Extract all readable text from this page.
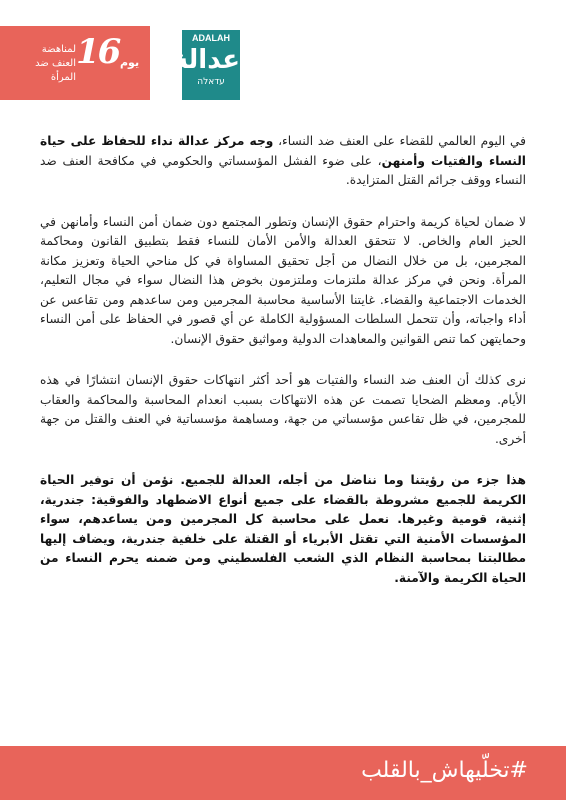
16 يوم
لمناهضة
العنف ضد
المرأة
ADALAH
عدالة
עדאלה

في اليوم العالمي للقضاء على العنف ضد النساء، وجه مركز عدالة نداء للحفاظ على حياة النساء والفتيات وأمنهن، على ضوء الفشل المؤسساتي والحكومي في مكافحة العنف ضد النساء ووقف جرائم القتل المتزايدة.

لا ضمان لحياة كريمة واحترام حقوق الإنسان وتطور المجتمع دون ضمان أمن النساء وأمانهن في الحيز العام والخاص. لا تتحقق العدالة والأمن الأمان للنساء فقط بتطبيق القانون ومحاكمة المجرمين، بل من خلال النضال من أجل تحقيق المساواة في كل مناحي الحياة وتعزيز مكانة المرأة. ونحن في مركز عدالة ملتزمات وملتزمون بخوض هذا النضال سواء في مجال التعليم، الخدمات الاجتماعية والقضاء. غايتنا الأساسية محاسبة المجرمين ومن ساعدهم ومن تقاعس عن أداء واجباته، وأن تتحمل السلطات المسؤولية الكاملة عن أي قصور في الحفاظ على أمن النساء وحمايتهن كما تنص القوانين والمعاهدات الدولية ومواثيق حقوق الإنسان.

نرى كذلك أن العنف ضد النساء والفتيات هو أحد أكثر انتهاكات حقوق الإنسان انتشارًا في هذه الأيام. ومعظم الضحايا تصمت عن هذه الانتهاكات بسبب انعدام المحاسبة والمحاكمة والعقاب للمجرمين، في ظل تقاعس مؤسساتي من جهة، ومساهمة مؤسساتية في العنف والقتل من جهة أخرى.

هذا جزء من رؤيتنا وما نناضل من أجله، العدالة للجميع. نؤمن أن توفير الحياة الكريمة للجميع مشروطة بالقضاء على جميع أنواع الاضطهاد والفوقية: جندرية، إثنية، قومية وغيرها. نعمل على محاسبة كل المجرمين ومن يساعدهم، سواء المؤسسات الأمنية التي تقتل الأبرياء أو القتلة على خلفية جندرية، ويضاف إليها مطالبتنا بمحاسبة النظام الذي الشعب الفلسطيني ومن ضمنه يحرم النساء من الحياة الكريمة والآمنة.

#تخلّيهاش_بالقلب
